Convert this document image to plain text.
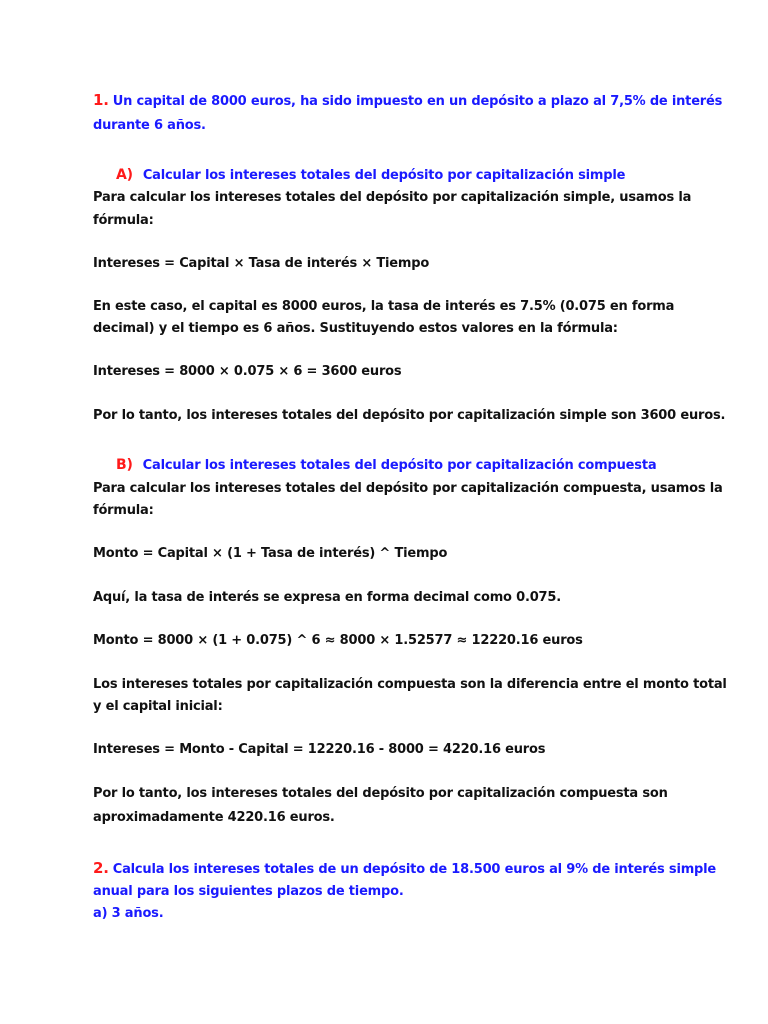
1. Un capital de 8000 euros, ha sido impuesto en un depósito a plazo al 7,5% de interés
durante 6 años.
A) Calcular los intereses totales del depósito por capitalización simple
Para calcular los intereses totales del depósito por capitalización simple, usamos la
fórmula:
Intereses = Capital × Tasa de interés × Tiempo
En este caso, el capital es 8000 euros, la tasa de interés es 7.5% (0.075 en forma
decimal) y el tiempo es 6 años. Sustituyendo estos valores en la fórmula:
Intereses = 8000 × 0.075 × 6 = 3600 euros
Por lo tanto, los intereses totales del depósito por capitalización simple son 3600 euros.
B) Calcular los intereses totales del depósito por capitalización compuesta
Para calcular los intereses totales del depósito por capitalización compuesta, usamos la
fórmula:
Monto = Capital × (1 + Tasa de interés) ^ Tiempo
Aquí, la tasa de interés se expresa en forma decimal como 0.075.
Monto = 8000 × (1 + 0.075) ^ 6 ≈ 8000 × 1.52577 ≈ 12220.16 euros
Los intereses totales por capitalización compuesta son la diferencia entre el monto total
y el capital inicial:
Intereses = Monto - Capital = 12220.16 - 8000 = 4220.16 euros
Por lo tanto, los intereses totales del depósito por capitalización compuesta son
aproximadamente 4220.16 euros.
2. Calcula los intereses totales de un depósito de 18.500 euros al 9% de interés simple
anual para los siguientes plazos de tiempo.
a) 3 años.
